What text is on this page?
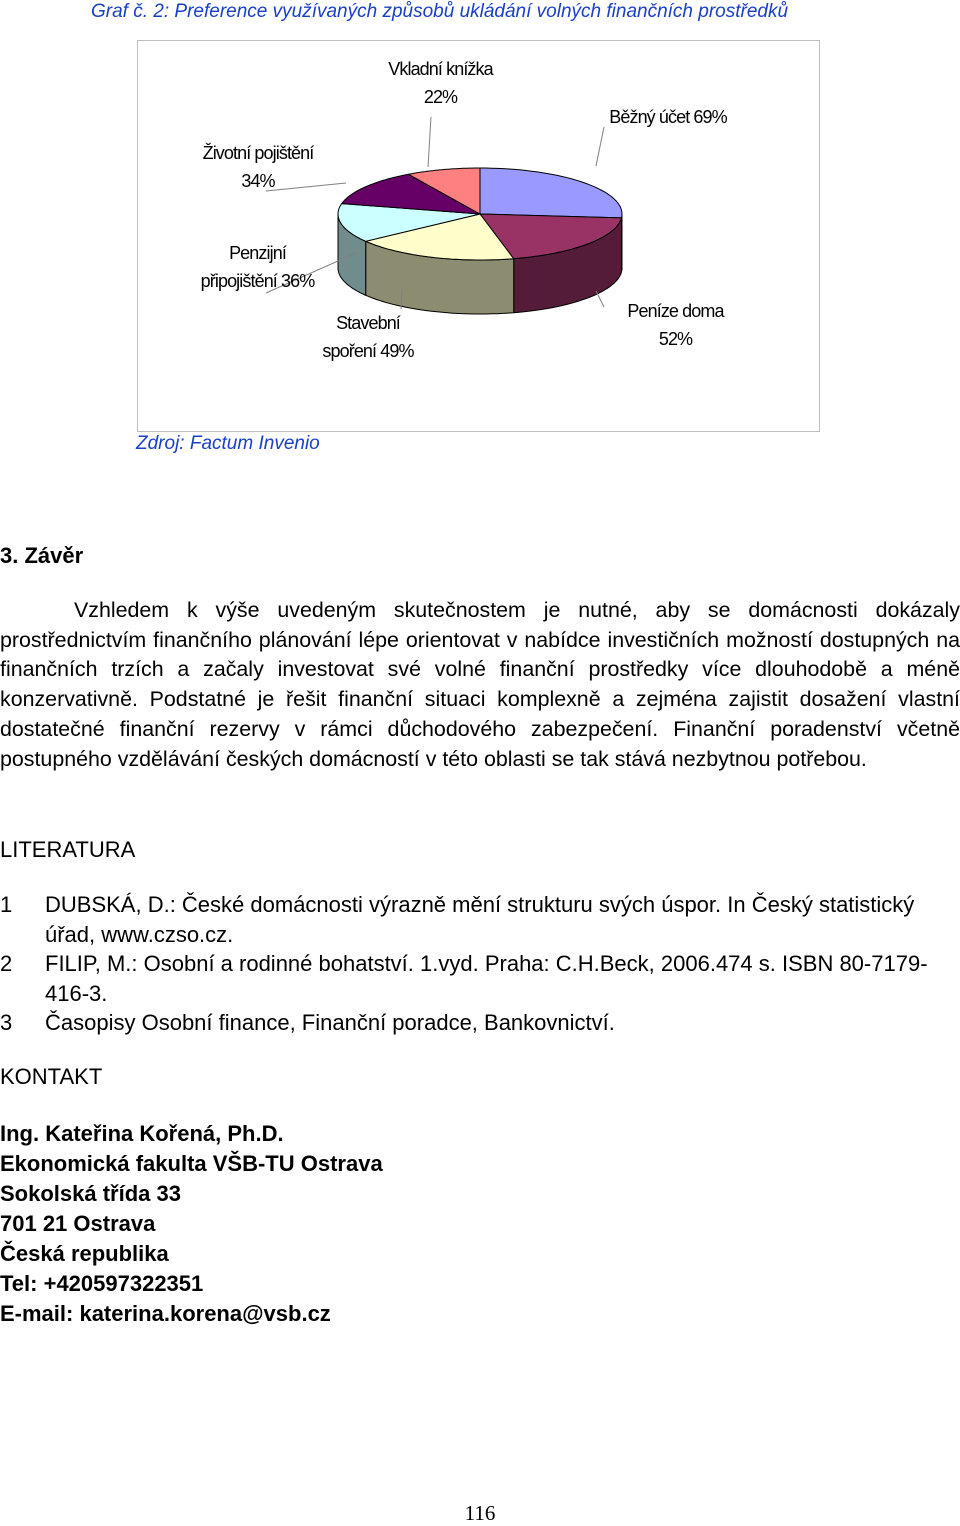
Graf č. 2: Preference využívaných způsobů ukládání volných finančních prostředků
Vkladní knížka
22%
Běžný účet 69%
Životní pojištění
34%
Penzijní
připojištění 36%
Stavební
spoření 49%
Peníze doma
52%
Zdroj: Factum Invenio
3. Závěr
Vzhledem k výše uvedeným skutečnostem je nutné, aby se domácnosti dokázaly prostřednictvím finančního plánování lépe orientovat v nabídce investičních možností dostupných na finančních trzích a začaly investovat své volné finanční prostředky více dlouhodobě a méně konzervativně. Podstatné je řešit finanční situaci komplexně a zejména zajistit dosažení vlastní dostatečné finanční rezervy v rámci důchodového zabezpečení. Finanční poradenství včetně postupného vzdělávání českých domácností v této oblasti se tak stává nezbytnou potřebou.
LITERATURA

1 DUBSKÁ, D.: České domácnosti výrazně mění strukturu svých úspor. In Český statistický úřad, www.czso.cz.

2 FILIP, M.: Osobní a rodinné bohatství. 1.vyd. Praha: C.H.Beck, 2006.474 s. ISBN 80-7179-416-3.

3 Časopisy Osobní finance, Finanční poradce, Bankovnictví.

KONTAKT
Ing. Kateřina Kořená, Ph.D.
Ekonomická fakulta VŠB-TU Ostrava
Sokolská třída 33
701 21 Ostrava
Česká republika
Tel: +420597322351
E-mail: katerina.korena@vsb.cz
116
